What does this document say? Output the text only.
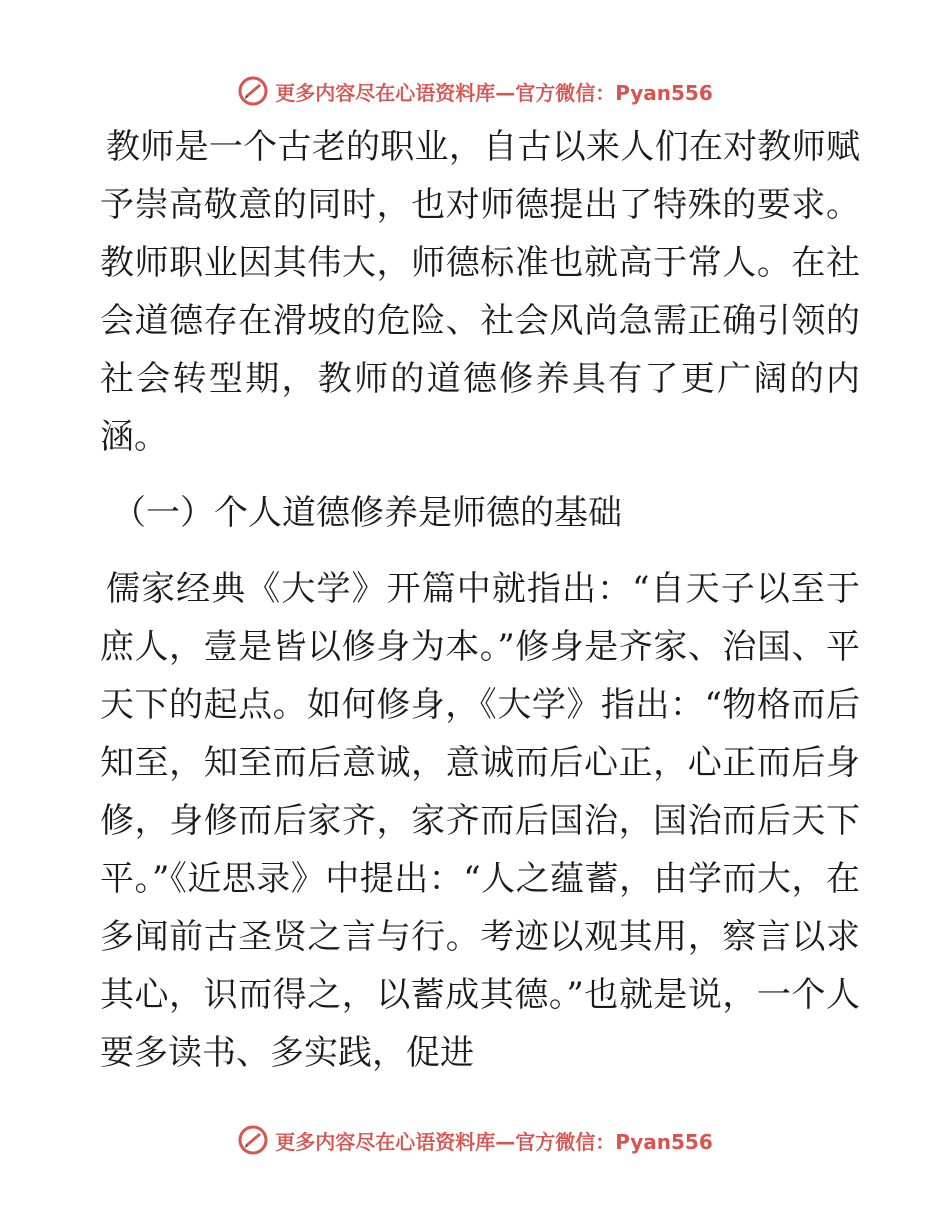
更多内容尽在心语资料库—官方微信：Pyan556

教师是一个古老的职业，自古以来人们在对教师赋予崇高敬意的同时，也对师德提出了特殊的要求。教师职业因其伟大，师德标准也就高于常人。在社会道德存在滑坡的危险、社会风尚急需正确引领的社会转型期，教师的道德修养具有了更广阔的内涵。

（一）个人道德修养是师德的基础

儒家经典《大学》开篇中就指出：“自天子以至于庶人，壹是皆以修身为本。”修身是齐家、治国、平天下的起点。如何修身，《大学》指出：“物格而后知至，知至而后意诚，意诚而后心正，心正而后身修，身修而后家齐，家齐而后国治，国治而后天下平。”《近思录》中提出：“人之蕴蓄，由学而大，在多闻前古圣贤之言与行。考迹以观其用，察言以求其心，识而得之，以蓄成其德。”也就是说，一个人要多读书、多实践，促进

更多内容尽在心语资料库—官方微信：Pyan556
